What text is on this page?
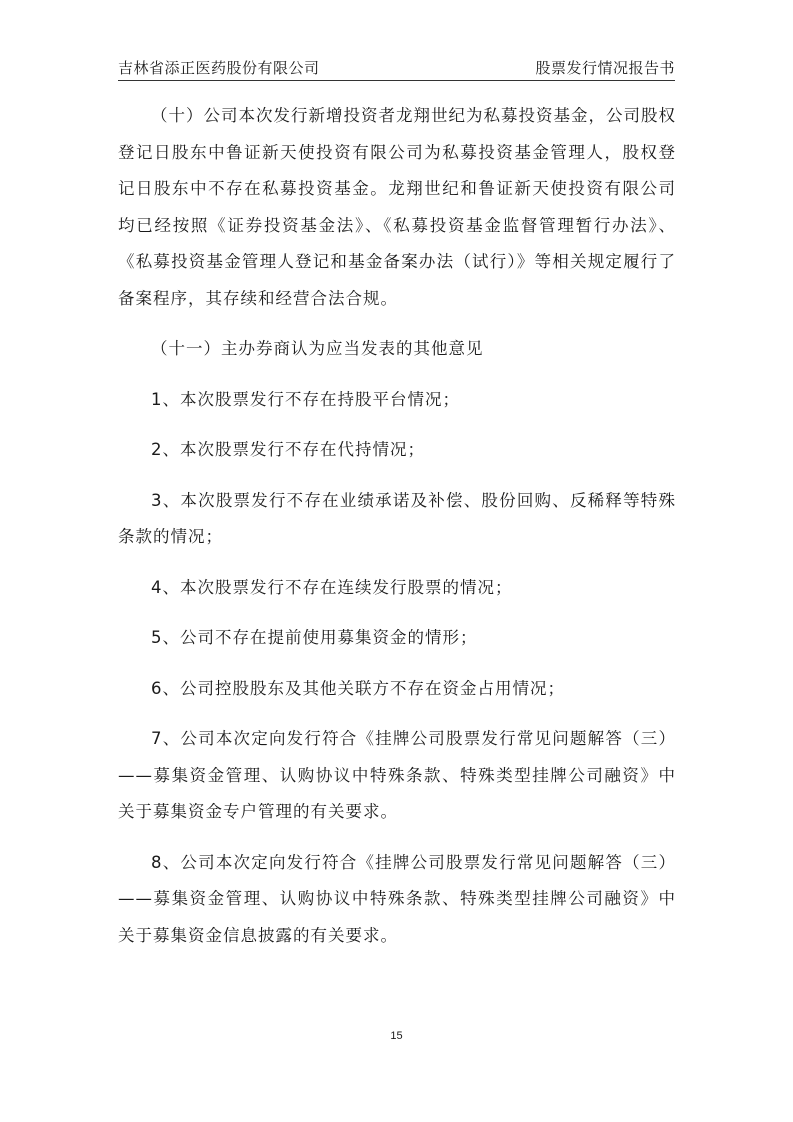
吉林省添正医药股份有限公司	股票发行情况报告书

（十）公司本次发行新增投资者龙翔世纪为私募投资基金，公司股权登记日股东中鲁证新天使投资有限公司为私募投资基金管理人，股权登记日股东中不存在私募投资基金。龙翔世纪和鲁证新天使投资有限公司均已经按照《证券投资基金法》、《私募投资基金监督管理暂行办法》、《私募投资基金管理人登记和基金备案办法（试行）》等相关规定履行了备案程序，其存续和经营合法合规。

（十一）主办券商认为应当发表的其他意见

1、本次股票发行不存在持股平台情况；

2、本次股票发行不存在代持情况；

3、本次股票发行不存在业绩承诺及补偿、股份回购、反稀释等特殊条款的情况；

4、本次股票发行不存在连续发行股票的情况；

5、公司不存在提前使用募集资金的情形；

6、公司控股股东及其他关联方不存在资金占用情况；

7、公司本次定向发行符合《挂牌公司股票发行常见问题解答（三）——募集资金管理、认购协议中特殊条款、特殊类型挂牌公司融资》中关于募集资金专户管理的有关要求。

8、公司本次定向发行符合《挂牌公司股票发行常见问题解答（三）——募集资金管理、认购协议中特殊条款、特殊类型挂牌公司融资》中关于募集资金信息披露的有关要求。

15
